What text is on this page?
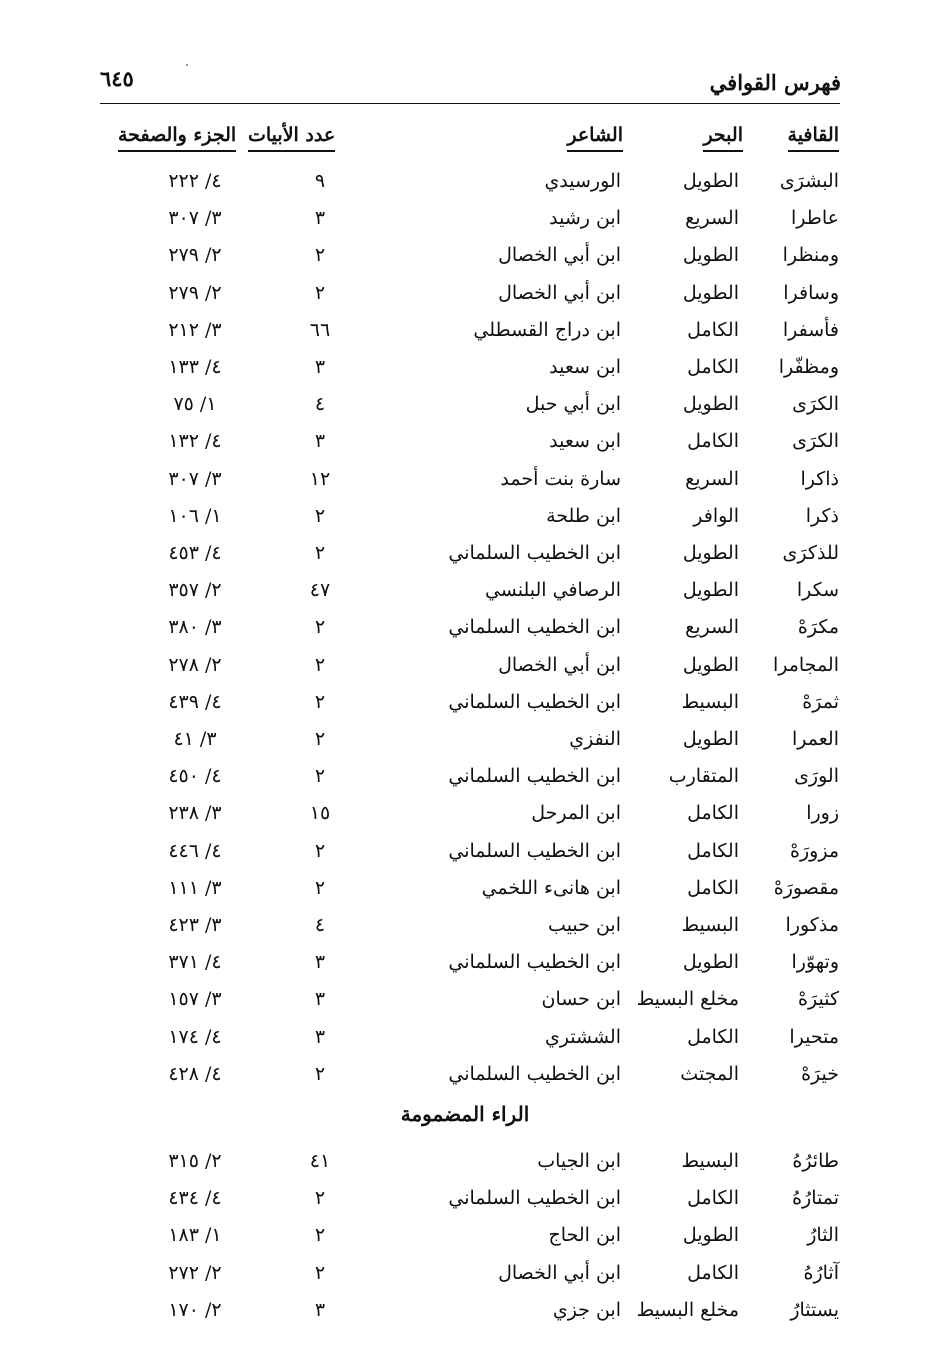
فهرس القوافي
٦٤٥
القافية
البحر
الشاعر
عدد الأبيات
الجزء والصفحة
البشرَى
الطويل
الورسيدي
٩
٤/ ٢٢٢
عاطرا
السريع
ابن رشيد
٣
٣/ ٣٠٧
ومنظرا
الطويل
ابن أبي الخصال
٢
٢/ ٢٧٩
وسافرا
الطويل
ابن أبي الخصال
٢
٢/ ٢٧٩
فأسفرا
الكامل
ابن دراج القسطلي
٦٦
٣/ ٢١٢
ومظفّرا
الكامل
ابن سعيد
٣
٤/ ١٣٣
الكرَى
الطويل
ابن أبي حبل
٤
١/ ٧٥
الكرَى
الكامل
ابن سعيد
٣
٤/ ١٣٢
ذاكرا
السريع
سارة بنت أحمد
١٢
٣/ ٣٠٧
ذكرا
الوافر
ابن طلحة
٢
١/ ١٠٦
للذكرَى
الطويل
ابن الخطيب السلماني
٢
٤/ ٤٥٣
سكرا
الطويل
الرصافي البلنسي
٤٧
٢/ ٣٥٧
مكرَهْ
السريع
ابن الخطيب السلماني
٢
٣/ ٣٨٠
المجامرا
الطويل
ابن أبي الخصال
٢
٢/ ٢٧٨
ثمرَهْ
البسيط
ابن الخطيب السلماني
٢
٤/ ٤٣٩
العمرا
الطويل
النفزي
٢
٣/ ٤١
الورَى
المتقارب
ابن الخطيب السلماني
٢
٤/ ٤٥٠
زورا
الكامل
ابن المرحل
١٥
٣/ ٢٣٨
مزورَهْ
الكامل
ابن الخطيب السلماني
٢
٤/ ٤٤٦
مقصورَهْ
الكامل
ابن هانىء اللخمي
٢
٣/ ١١١
مذكورا
البسيط
ابن حبيب
٤
٣/ ٤٢٣
وتهوّرا
الطويل
ابن الخطيب السلماني
٣
٤/ ٣٧١
كثيرَهْ
مخلع البسيط
ابن حسان
٣
٣/ ١٥٧
متحيرا
الكامل
الششتري
٣
٤/ ١٧٤
خيرَهْ
المجتث
ابن الخطيب السلماني
٢
٤/ ٤٢٨
الراء المضمومة
طائرُهُ
البسيط
ابن الجياب
٤١
٢/ ٣١٥
تمتارُهُ
الكامل
ابن الخطيب السلماني
٢
٤/ ٤٣٤
الثارُ
الطويل
ابن الحاج
٢
١/ ١٨٣
آثارُهُ
الكامل
ابن أبي الخصال
٢
٢/ ٢٧٢
يستثارُ
مخلع البسيط
ابن جزي
٣
٢/ ١٧٠
